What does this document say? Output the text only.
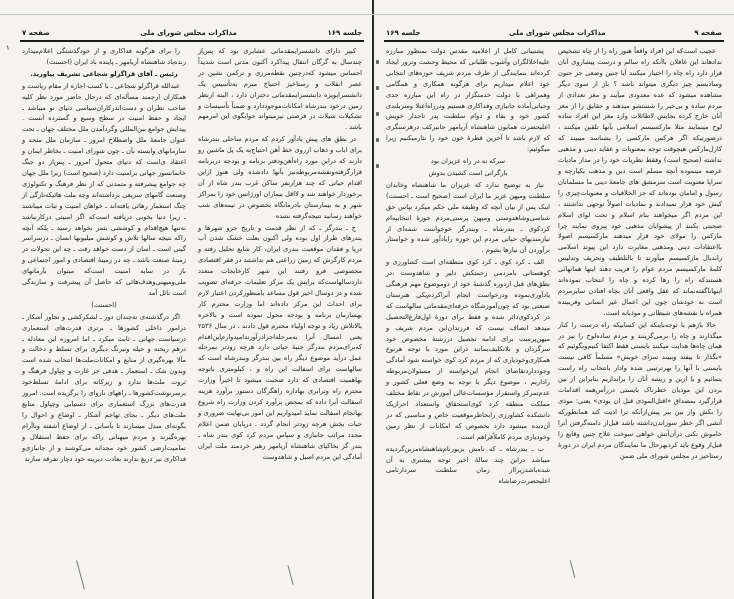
جلسه ۱۶۹
مذاکرات مجلس شورای ملی
صفحه ۷
۱	کبیر دارای دانشسرایمقدماتی عشایری بود که پس‌از چندسال به گرگان انتقال پیداکرد آکنون مدتی است شدیداً احساس میشود که‌درچنین نقطه‌مرزی و ترکمن نشین در عصر انقلاب و رستاخیز احتیاج مبرم به‌تأسیس یک دانشسرایویژه دانشسرایمقدماتی دختران دارد ، البته ازنظر زمین درخود بندرشاه امکانات‌موجوددارد و ضمناً تأسیسات و تشکیلات شیلات در فرصتی نیزمیتواند جوابگوی این امرمهم باشد .

در نطق های پیش یادآور کردم که مردم ساحلی بندرشاه برای اباب و ذهاب ازروی خط آهن احتیاج‌به یک پل ماشین رو دارند که دراین مورد راه‌آهن‌ودفتر برنامه و بودجه دربرنامه قرارگرفته‌ونقشه‌مربوطه‌نیز بآنها دادشده ولی هنوز ازاین اقدام حیاتی که چند هزارنفر ساکن غرب بندر شاه از آن برخوردار خواهند شد و لااقل بیماران اورژانس خود را بمراکز شهر و به بیمارستان بادرمانگاه بخصوص در نیمه‌های شب خواهند رسانید نتیجه‌گرفته نشده

ج ـ بندرگز ـ که از نظر قدمت و تاریخ جزو شهرها و بندرهای طراز اول بوده ولی آکنون بعلت خشک شدن آب دریا و فقدان موقعیت بندری ایران، کار شایع تحلیل رفته و مردم کارگرش که زمین زراعتی هم نداشتند در فقر اقتصادی مخصوصی فرو رفتند این شهر کارخانجات متعدد داردسالهاست‌که برایش یک مرکز تعلیمات حرفه‌ای تصویب شده و در دوسال اخیر قول مساعد بامنظورکردن اعتبار لازم برای احداث این مرکز داده‌اند اما وزارت محترم کار بهسازمان برنامه و بودجه محول نموده است و بالاخره بالاتلاش زیاد و توجه اولیاء محترم قول دادند ، در سال ۲۵۳۶ یعنی امسال آنرا به‌مرحله‌اجرادرآورند‌امیدوارم‌این‌اقدام که‌برای‌مردم بندرگز جنبهٔ حیاتی دارد هرچه زودتر بمرحله عمل درآید موضوع دیگر راه بین بندرگز وبندرشاه است که سالهاست برای اسفالت این راه و ، کیلومتری باتوجه بهاهمیت اقتصادی که دارد صحبت میشود تا اخیراً وزارت محترم راه وترابری بهاداره راهگرگان دستور برآورد هزینه اسفالت آنرا داده که بمحض برآورد کردن وزارت راه شروع بهانجام اسفالت نماید امیدواریم این امور بی‌نهایت ضروری و حیات بخش هرچه زودتر انجام گردد . درپایان ضمن اعلام مجدد مراتب جانبازی و سپاس مردم کرد کوی بندر شاه ـ بندر گز بخاکپای شاهنشاه آریامهر رهبر خردمند ملت ایران آمادگی این مردم اصیل و شاهدوست

را برای هرگونه فداکاری و از خودگذشتگی اعلام‌میدارد زنده‌باد شاهنشاه آریامهر ـ پاینده باد ایران (احسنت)

رئیس ـ آقای قراگزلو شجاعی تشریف بیاورید.

عبدالله قراگزلو شجاعی ـ با کسب اجازه از مقام ریاست و همکاران ارجمند مسأله‌ای که درحال حاضر مورد نظر کلیه صاحب نظران و دست‌اندرکاران‌سیاسی دنیای نو میباشد ـ ایجاد و حفظ امنیت در سطح وسیع و گسترده آنست . پیدایش جوامع بین‌المللی وگردآمدن ملل مختلف جهان ـ تحت عنوان جامعهٔ ملل واصطلاح امروز ـ سازمان ملل متحد و سازمانهای وابسته بآن ـ چون شورای امنیت ـ بخاطر ایمان و اعتقاد ی‌است که دنیای متحول امروز ـ پس‌از دو جنگ خانمانسوز جهانی برامنیت دارد (صحیح است) زیرا ملل جهان چه جوامع پیشرفته و متمدنی که از نظر فرهنگ و تکنولوژی وصنعت گامهای سریعی برداشته‌اند وچه ملت هائیکه‌تازگی از چنگ استعمار رهائی یافته‌اند ـ خواهان امنیت و ثبات میباشند ـ زیرا دنیا بخوبی دریافته است‌که اگر امنیتی درکارنباشد نه‌تنها هیچ‌اقدام و کوششی بثمر نخواهد رسید ـ بلکه آنچه راکه نتیجه سالها تلاش و کوشش میلیونها انسان ـ درسراسر گیتی است ـ آسان از دست خواهد رفت ـ چه این تحولات در زمینهٔ صنعت باشد ـ چه در زمینهٔ اقتصادی و امور اجتماعی و باز در سایه امنیت است‌که میتوان بآرمانهای ملی‌ومیهنی‌وهدف‌هائی که حاصل آن پیشرفت و سازندگی است نائل آمد

(احسنت)

اگر درگذشته‌ی نه‌چندان دور ـ لشکرکشی و تجاوز آشکار ـ درامور داخلی کشورها ـ برتری قدرت‌های استعماری درسیاست جهانی ـ ثابت میکرد ـ اما امروزه این معادله ـ درهم ریخته و حیله ونیرنگ دیگری برای تسلط و دخالت و مآلا بهره‌گیری از منابع و امکانات‌ملت‌ها انتخاب شده است وبدون شک ـ استعمار ـ هدفی جز غارت و چپاول فرهنگ و ثروت ملت‌ها ندارد و زیرکانه برای ادامهٔ تسلط‌خود برسرنوشت‌کشورها ـ راههای ناروای را برگزیده است. امروز قدرت‌های بزرگ استعماری برای دستیابی وچپاول منابع ملت‌های دیگر ـ بجای تهاجم آشکار ـ اوضاع و احوال را بگونه‌ای مبدل میسازند تا بآسانی ـ از اوضاع آشفته وناآرام بهره‌گیرند و مردم میهنانی راکه برای حفظ استقلال و تمامیت‌ارضی کشور خود مجدانه می‌کوشند و از جانبازی‌و فداکاری نیز دریغ ندارند بعادت دیرینه خود دچار تفرقه سازند

صفحه ۹
مذاکرات مجلس شورای ملی
جلسه ۱۶۹

عجیب است‌که این افراد واقعاً هنوز راه را از چاه تشخیص ندادهاند این غافلان باآنکه راه سالم و درست پیشاروی آنان قرار دارد راه چاه را اختیار میکنند آیا جنین وضعی جز جنون وسادیسم چیز دیگری میتواند باشد ؟ باز از سوی دیگر مشاهده میشود که عده معدودی میآیند و مغز تعدادی از مردم ساده و بی‌خبر را شستشو میدهند و حقایق را از مغز آنان خارج کرده بجایش لاطائلات وارد مغز این افراد ساده لوح مینمایند مثلا مارکسیسم اسلامی بآنها تلقین میکنند ، درصورتیکه اگر هرکس مارکسی را بشناسد میبیند که کارل‌مارکس هیچوقت توجه بمعنویات و عقاید دینی و مذهبی نداشته (صحیح است) وفقط نظریات خود را در مدار مادیات عرضه مینموده آنچه مسلم است دین و مذهب یکپارچه و سراپا معنویت است سرمشق های جامعهٔ دینی ما مسلمانان رسول و امامان بوده‌اند که جز الخلاقیات و معنویات‌چیزی را کیش خود قرار نمیدادند و بمادیات اصولاً توجهی نداشتند ، این مردم اگر میخواهند بنام اسلام و تحت لوای اسلام صحبتی بکنند از پیشوایان مذهبی خود پیروی نمایند چرا مارکس را مولای خود قرار میدهند مارکسیسم اصولا بااعتقادات دینی ومذهبی مغایرت دارد این پیوند اسلامی راندبال مارکسیسم میآورند تا بالتلطیف وتحریف وتدلیس کلمهٔ مارکسیسم مردم عوام را فریب دهند اینها همانهائی هستندکه راه را رها کرده و چاه را انتخاب نموده‌اند اینهاناگفته‌نماند که عقل واقعی آنان بچاه افتادن سایرمردم است نه خودشان چون این اعمال غیر انسانی وفریبنده همراه با نقشه‌های شیطانی و موذیانه است.

حالا بازهم با توجه‌باینکه این کسانیکه راه درست را کنار میگذارند و چاه را برمی‌گزینند و مردم ساده‌لوح را نیز در همان چاه‌ها هدایت میکنند بایستی فقط اکتفا کنیم‌وبگوئیم که «بگذار تا بیفتد وببیند سزای خویش» مسلماً کافی نیست بایستی با آنها را بهرترتیبی شده وادار بانتخاب راه راست بنمائیم و یا ازبن و ریشه آنان را براندازیم بنابراین از بین بردن این موذیان خطرناک بایستی دررأس‌همه اقدامات قرارگیرد بمصداق «اقتل‌الموذی قبل ان یوذی» یعنی: موذی را بکش واز بین ببر پیش‌ازآنکه ترا اذیت کند همانطورکه آتشی اگر خطر سوزاندن‌داشته باشد قبل‌از دامنه‌گرفتن آنرا خاموش نکنی درآن‌آتش خواهی سوخت علاج چنین وقایع را قبل‌از وقوع باید کرد‌بهرحال ما نمایندگان مردم ایران در دورهٔ رستاخیز در مجلس شورای ملی ضمن

پشتیبانی کامل از اعلامیه مقدس دولت بمنظور مبارزه علیه‌اخلالگران وآشوب طلبانی که محیط وحشت وترور ایجاد کرده‌اند بنمایندگی از طرف مردم شریف حوزه‌های انتخابی خود اعلام میداریم برای هرگونه همکاری و همگامی وهمراهی با دولت خدمتگزار در راه این مبارزه جدی وحیاتی‌آماده جانبازی وفداکاری هستیم ودرراه‌اعتلا وسربلندی کشور خود و بقاء و دوام سلطنت پدر تاجدار خویش اعلیحضرت همایون شاهنشاه آریامهر جانبرکف درهرسنگری که لازم باشد تا آخرین قطرهٔ خون خود را نثارمیکنیم زیرا میگوئیم:

سرکه نه در راه عزیزان بود

بارگرانی است کشیدن بدوش

نیاز به توضیح ندارد که عزیزان ما شاهنشاه وخاندان سلطنت ومیهن عزیز ما ایران است (صحیح است ـ احسنت) اینک پس از بیان آنچه که وظیفه ملی حکم میکرد بپاس حق شناسی‌وشاهدوستی ومیهن پرستی‌مردم حوزهٔ انتخابیه‌ام کردکوی ـ بندرشاه ـ وبندرگز خوخواست شمه‌ای از نیازمندیهای حیاتی مردم این حوزه رایادآور شده و خواستار برآوردن آن نیازها بشوم .

الف ـ کرد کوی ـ کرد کوی منطقه‌ای است کشاورزی و کوهستانی بامردمی زحمتکش دلیر و شاهدوست ،در نطق‌های قبل ازدوره گذشتهٔ خود از دوموضوع مهم فرهنگی یادآوری‌نموده ودرخواست انجام آنراکردم‌یکی هنرستان صنعتی بود که چون‌آموزشگاه حرفه‌ای‌مقدماتی سالهاست که در کردکوی‌دائر شده و فقط برای دورهٔ اول‌فارغ‌التحصیل میدهد انصاف نیست که فرزندان‌این مردم شریف و میهن‌پرست برای ادامه تحصیل دررشتهٔ مخصوص خود سرگردان و بلاتکلیف‌بمانند دراین مورد با توجه هرنوع همکاری‌وخودیاری که از مردم کرد کوی خواسته شود آمادگی وجوددارد‌تقاضای انجام این‌خواسته از مسئولان‌مربوطه راداریم ، موضوع دیگر با توجه به وضع فعلی کشور و عدم‌تمرکز واستقرار مؤسسات‌عالی آموزش در نقاط مختلف مملکت منطقه کرد کوی‌استحقاق واستعداد احرازیک دانشکده کشاورزی را‌بخاطرموقعیت خاص و مناسبی که در آن‌دیده میشود دارد بخصوص که امکانات از نظر زمین وخودیاری مردم کاملاًفراهم است .

ب ـ بندرشاه ـ که نامش بزیورنام‌شاهنشاه‌مزین‌گردیده میباشد دراین چند سالهٔ اخیر توجه بیشتری به آن شده‌باشد‌زیرا‌از زمان سلطنت سردارنامی اعلیحضرت‌رضاشاه
